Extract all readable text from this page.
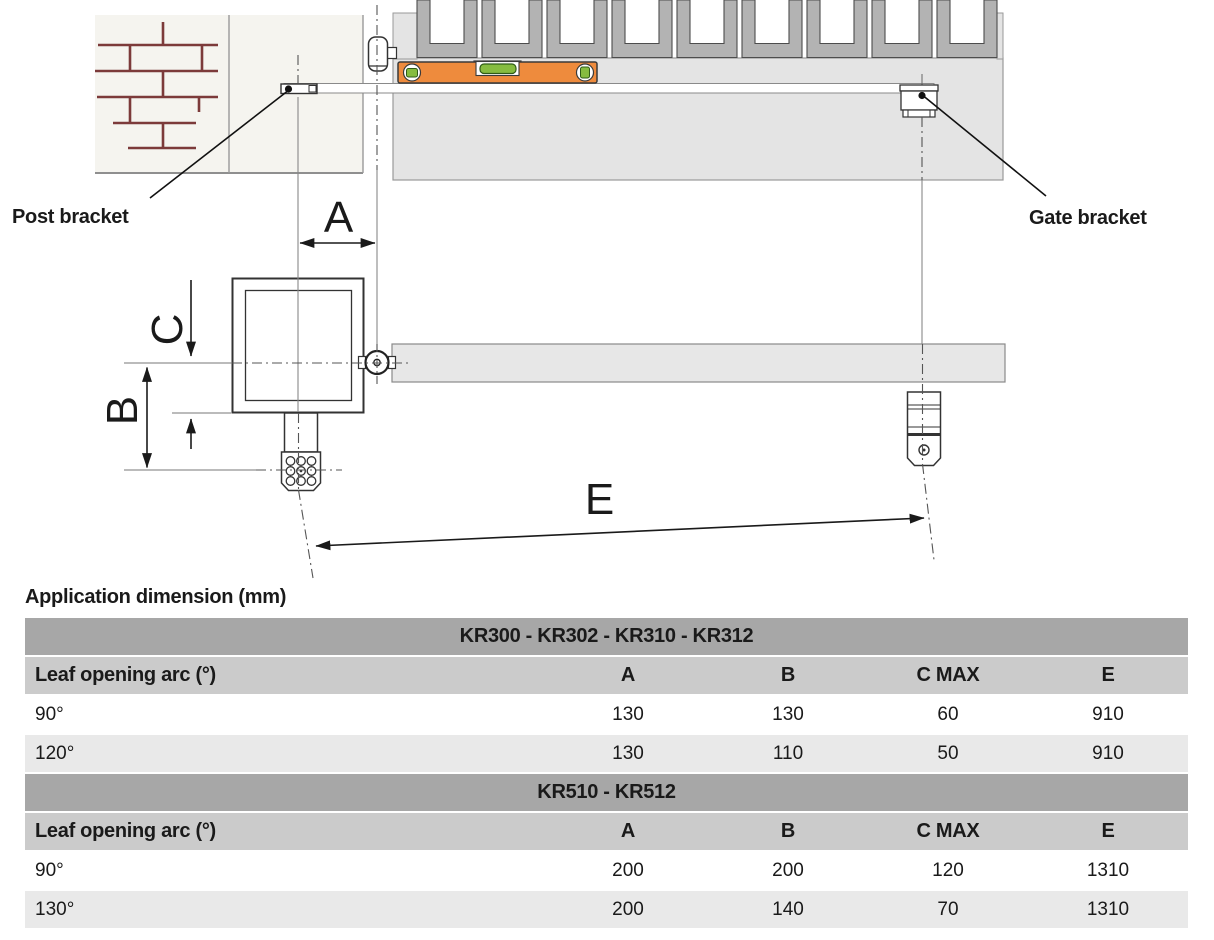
Post bracket	Gate bracket
A
B
C
E
Application dimension (mm)
KR300 - KR302 - KR310 - KR312
Leaf opening arc (°)	A	B	C MAX	E
90°	130	130	60	910
120°	130	110	50	910
KR510 - KR512
Leaf opening arc (°)	A	B	C MAX	E
90°	200	200	120	1310
130°	200	140	70	1310
